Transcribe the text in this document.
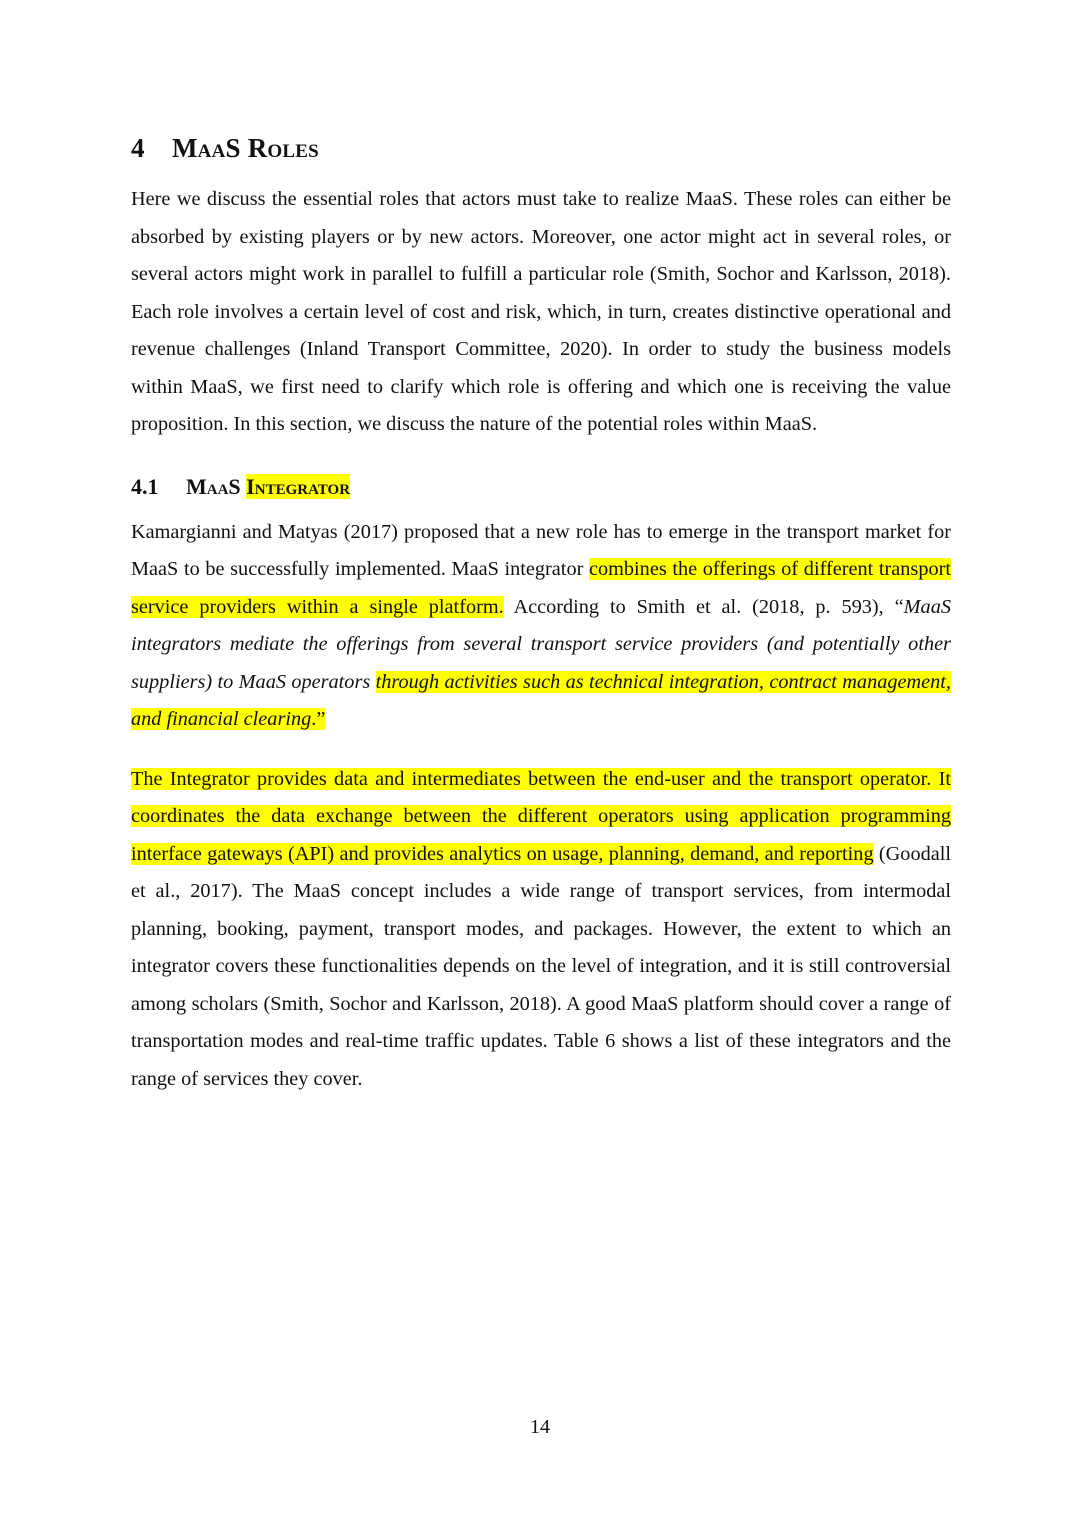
4 MaaS Roles

Here we discuss the essential roles that actors must take to realize MaaS. These roles can either be absorbed by existing players or by new actors. Moreover, one actor might act in several roles, or several actors might work in parallel to fulfill a particular role (Smith, Sochor and Karlsson, 2018). Each role involves a certain level of cost and risk, which, in turn, creates distinctive operational and revenue challenges (Inland Transport Committee, 2020). In order to study the business models within MaaS, we first need to clarify which role is offering and which one is receiving the value proposition. In this section, we discuss the nature of the potential roles within MaaS.

4.1 MaaS Integrator

Kamargianni and Matyas (2017) proposed that a new role has to emerge in the transport market for MaaS to be successfully implemented. MaaS integrator combines the offerings of different transport service providers within a single platform. According to Smith et al. (2018, p. 593), “MaaS integrators mediate the offerings from several transport service providers (and potentially other suppliers) to MaaS operators through activities such as technical integration, contract management, and financial clearing.”

The Integrator provides data and intermediates between the end-user and the transport operator. It coordinates the data exchange between the different operators using application programming interface gateways (API) and provides analytics on usage, planning, demand, and reporting (Goodall et al., 2017). The MaaS concept includes a wide range of transport services, from intermodal planning, booking, payment, transport modes, and packages. However, the extent to which an integrator covers these functionalities depends on the level of integration, and it is still controversial among scholars (Smith, Sochor and Karlsson, 2018). A good MaaS platform should cover a range of transportation modes and real-time traffic updates. Table 6 shows a list of these integrators and the range of services they cover.

14
